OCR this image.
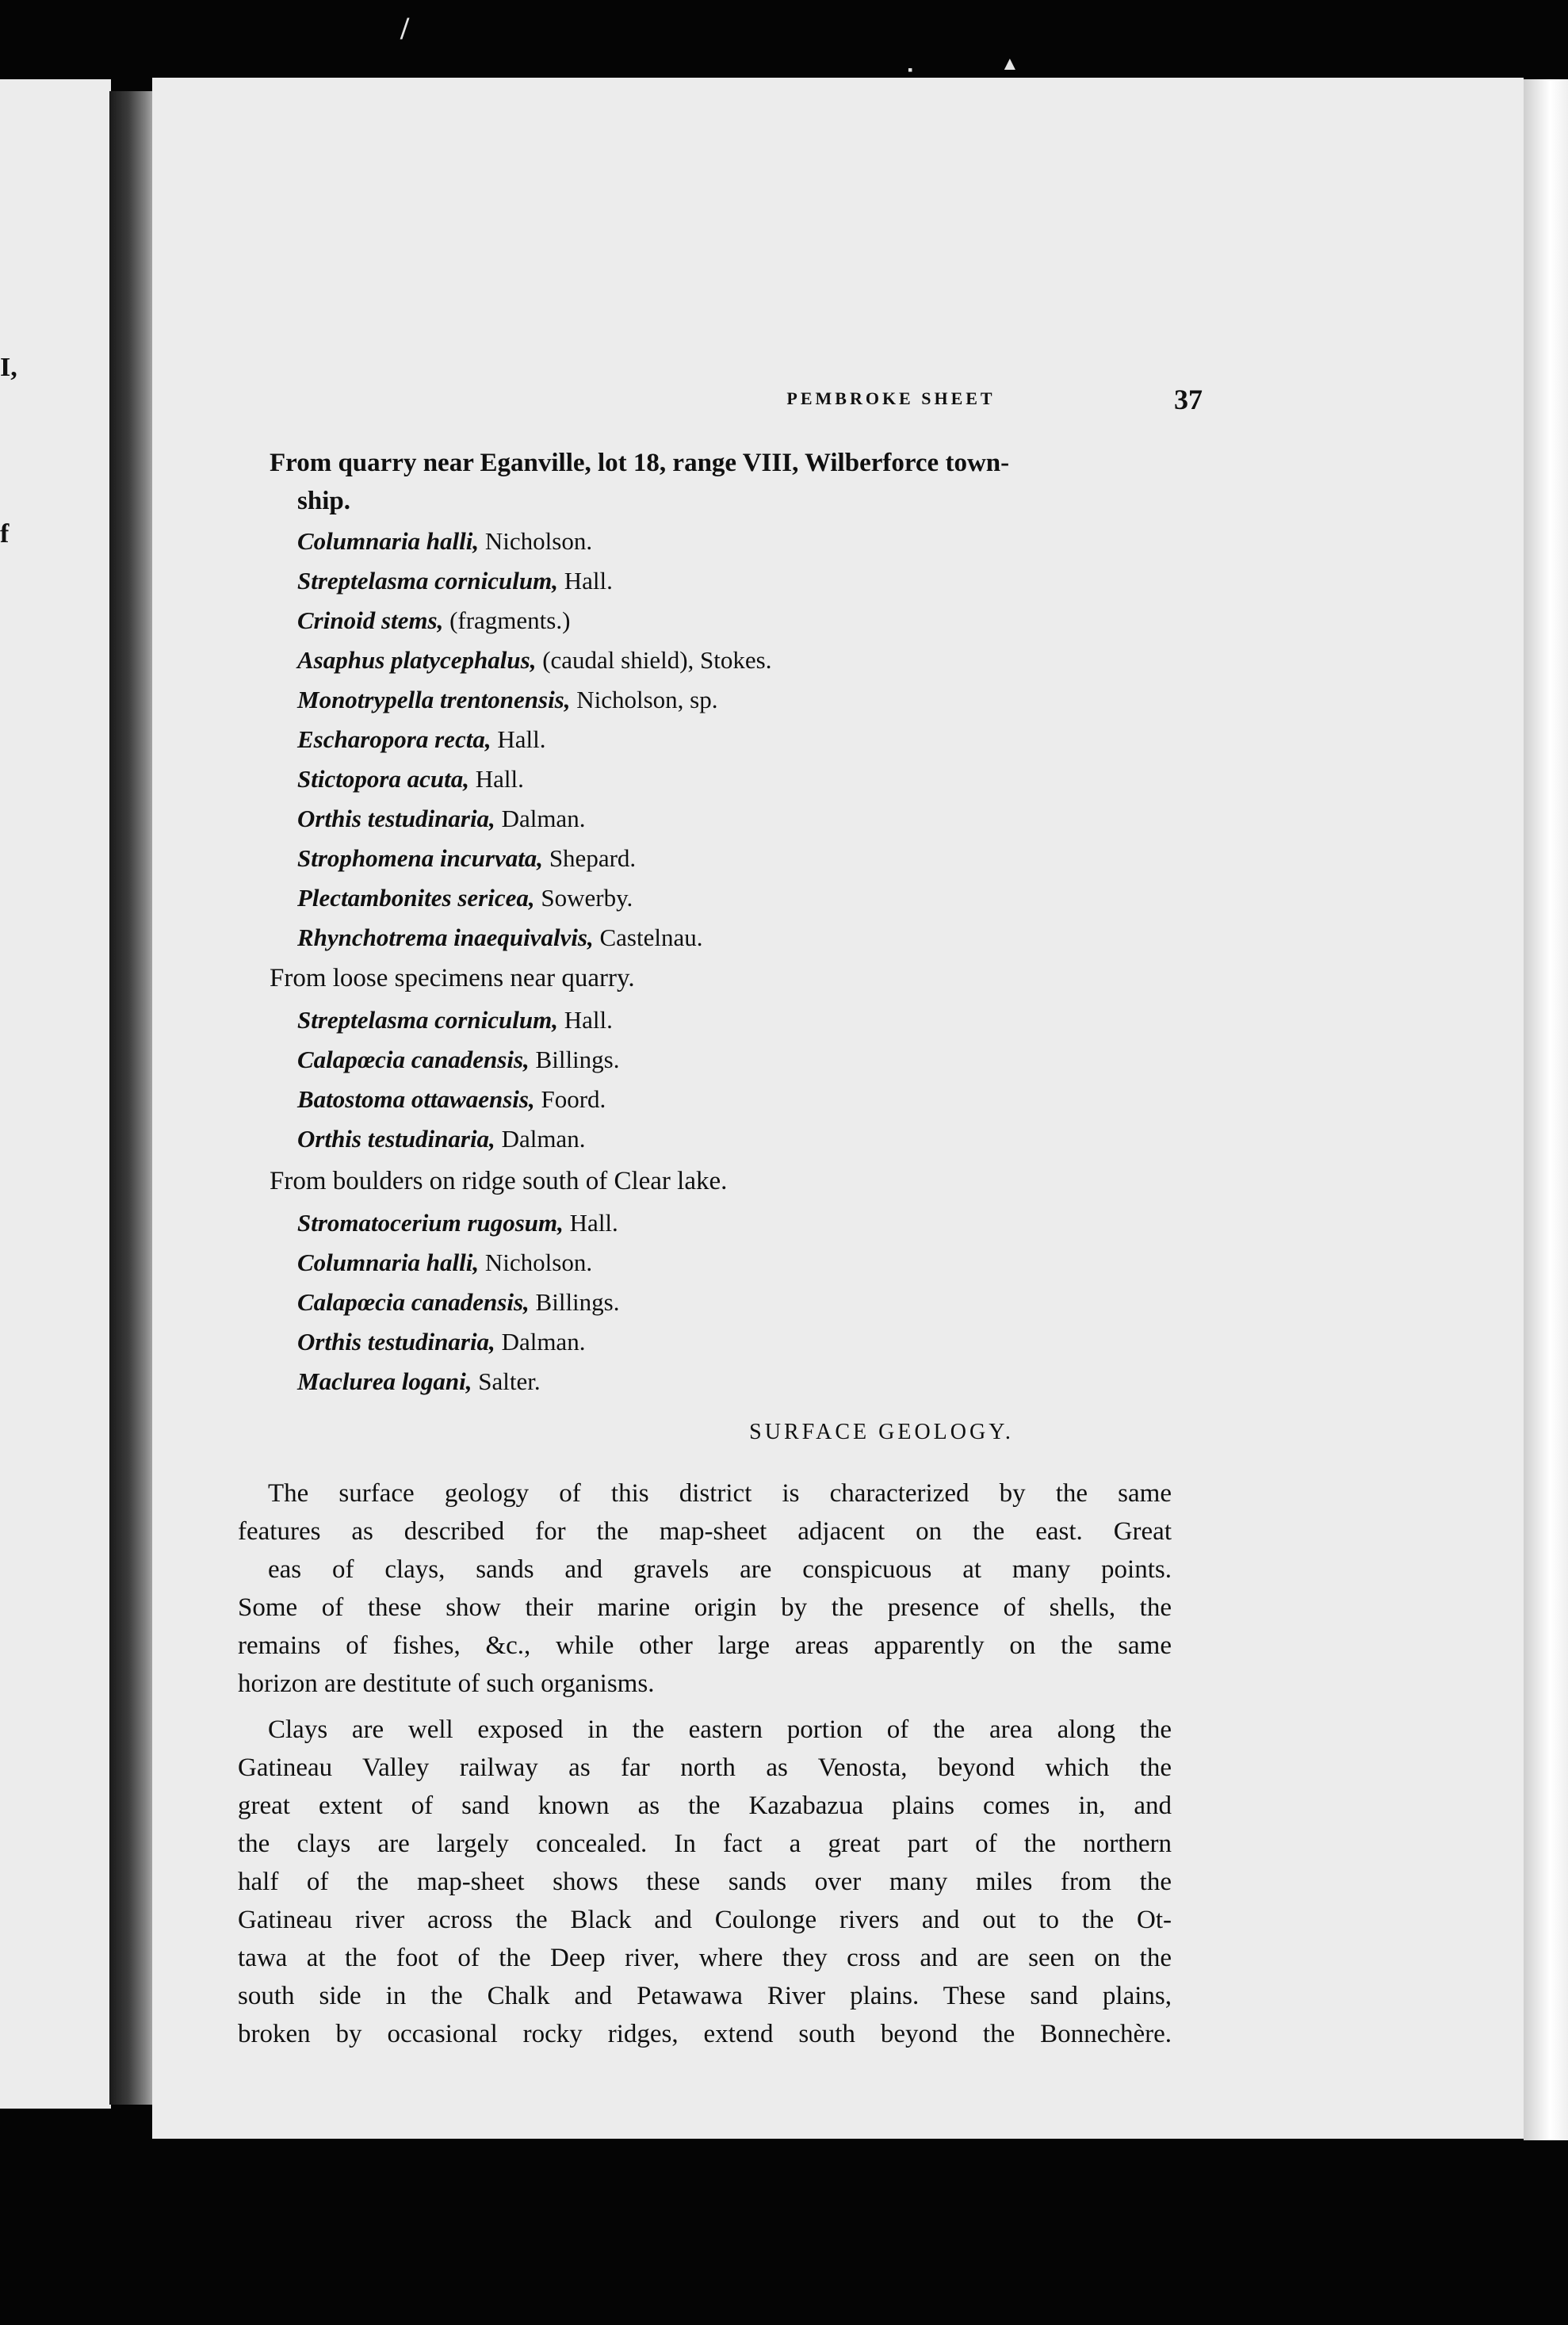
I,
f
/
▪	▲
PEMBROKE SHEET	37
From quarry near Eganville, lot 18, range VIII, Wilberforce town-
ship.
Columnaria halli, Nicholson.
Streptelasma corniculum, Hall.
Crinoid stems, (fragments.)
Asaphus platycephalus, (caudal shield), Stokes.
Monotrypella trentonensis, Nicholson, sp.
Escharopora recta, Hall.
Stictopora acuta, Hall.
Orthis testudinaria, Dalman.
Strophomena incurvata, Shepard.
Plectambonites sericea, Sowerby.
Rhynchotrema inaequivalvis, Castelnau.
From loose specimens near quarry.
Streptelasma corniculum, Hall.
Calapœcia canadensis, Billings.
Batostoma ottawaensis, Foord.
Orthis testudinaria, Dalman.
From boulders on ridge south of Clear lake.
Stromatocerium rugosum, Hall.
Columnaria halli, Nicholson.
Calapœcia canadensis, Billings.
Orthis testudinaria, Dalman.
Maclurea logani, Salter.
SURFACE GEOLOGY.
The surface geology of this district is characterized by the same
features as described for the map-sheet adjacent on the east. Great
eas of clays, sands and gravels are conspicuous at many points.
Some of these show their marine origin by the presence of shells, the
remains of fishes, &c., while other large areas apparently on the same
horizon are destitute of such organisms.
Clays are well exposed in the eastern portion of the area along the
Gatineau Valley railway as far north as Venosta, beyond which the
great extent of sand known as the Kazabazua plains comes in, and
the clays are largely concealed. In fact a great part of the northern
half of the map-sheet shows these sands over many miles from the
Gatineau river across the Black and Coulonge rivers and out to the Ot-
tawa at the foot of the Deep river, where they cross and are seen on the
south side in the Chalk and Petawawa River plains. These sand plains,
broken by occasional rocky ridges, extend south beyond the Bonnechère.
